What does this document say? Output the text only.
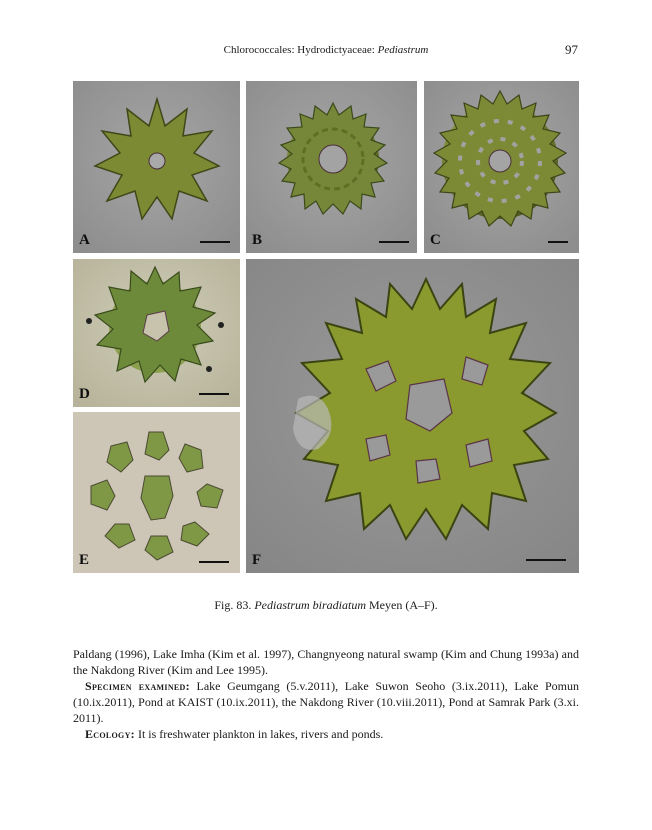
Chlorococcales: Hydrodictyaceae: Pediastrum	97
A	B	C
D
E	F
Fig. 83. Pediastrum biradiatum Meyen (A–F).

Paldang (1996), Lake Imha (Kim et al. 1997), Changnyeong natural swamp (Kim and Chung 1993a) and the Nakdong River (Kim and Lee 1995).

Specimen examined: Lake Geumgang (5.v.2011), Lake Suwon Seoho (3.ix.2011), Lake Pomun (10.ix.2011), Pond at KAIST (10.ix.2011), the Nakdong River (10.viii.2011), Pond at Samrak Park (3.xi. 2011).

Ecology: It is freshwater plankton in lakes, rivers and ponds.
